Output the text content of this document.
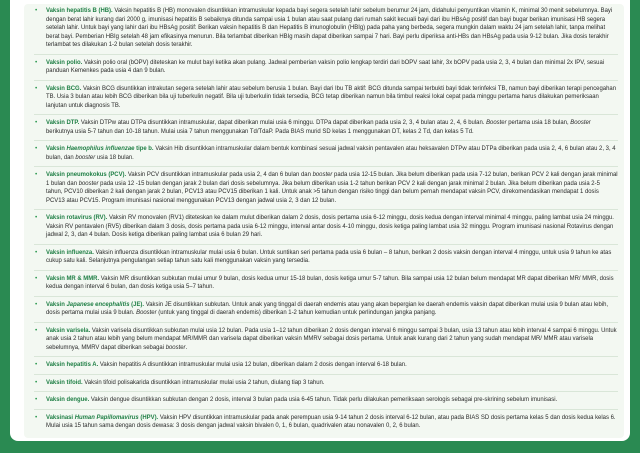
• Vaksin hepatitis B (HB). Vaksin hepatitis B (HB) monovalen disuntikkan intramuskular kepada bayi segera setelah lahir sebelum berumur 24 jam, didahului penyuntikan vitamin K, minimal 30 menit sebelumnya. Bayi dengan berat lahir kurang dari 2000 g, imunisasi hepatitis B sebaiknya ditunda sampai usia 1 bulan atau saat pulang dari rumah sakit kecuali bayi dari ibu HBsAg positif dan bayi bugar berikan imunisasi HB segera setelah lahir. Untuk bayi yang lahir dari ibu HBsAg positif: Berikan vaksin hepatitis B dan Hepatitis B imunoglobulin (HBIg) pada paha yang berbeda, segera mungkin dalam waktu 24 jam setelah lahir, tanpa melihat berat bayi. Pemberian HBIg setelah 48 jam efikasinya menurun. Bila terlambat diberikan HBIg masih dapat diberikan sampai 7 hari. Bayi perlu diperiksa anti-HBs dan HBsAg pada usia 9-12 bulan. Jika dosis terakhir terlambat tes dilakukan 1-2 bulan setelah dosis terakhir.
• Vaksin polio. Vaksin polio oral (bOPV) diteteskan ke mulut bayi ketika akan pulang. Jadwal pemberian vaksin polio lengkap terdiri dari bOPV saat lahir, 3x bOPV pada usia 2, 3, 4 bulan dan minimal 2x IPV, sesuai panduan Kemenkes pada usia 4 dan 9 bulan.
• Vaksin BCG. Vaksin BCG disuntikkan intrakutan segera setelah lahir atau sebelum berusia 1 bulan. Bayi dari Ibu TB aktif: BCG ditunda sampai terbukti bayi tidak terinfeksi TB, namun bayi diberikan terapi pencegahan TB. Usia 3 bulan atau lebih BCG diberikan bila uji tuberkulin negatif. Bila uji tuberkulin tidak tersedia, BCG tetap diberikan namun bila timbul reaksi lokal cepat pada minggu pertama harus dilakukan pemeriksaan lanjutan untuk diagnosis TB.
• Vaksin DTP. Vaksin DTPw atau DTPa disuntikkan intramuskular, dapat diberikan mulai usia 6 minggu. DTPa dapat diberikan pada usia 2, 3, 4 bulan atau 2, 4, 6 bulan. Booster pertama usia 18 bulan, Booster berikutnya usia 5-7 tahun dan 10-18 tahun. Mulai usia 7 tahun menggunakan Td/TdaP. Pada BIAS murid SD kelas 1 menggunakan DT, kelas 2 Td, dan kelas 5 Td.
• Vaksin Haemophilus influenzae tipe b. Vaksin Hib disuntikkan intramuskular dalam bentuk kombinasi sesuai jadwal vaksin pentavalen atau heksavalen DTPw atau DTPa diberikan pada usia 2, 4, 6 bulan atau 2, 3, 4 bulan, dan booster usia 18 bulan.
• Vaksin pneumokokus (PCV). Vaksin PCV disuntikkan intramuskular pada usia 2, 4 dan 6 bulan dan booster pada usia 12-15 bulan. Jika belum diberikan pada usia 7-12 bulan, berikan PCV 2 kali dengan jarak minimal 1 bulan dan booster pada usia 12 -15 bulan dengan jarak 2 bulan dari dosis sebelumnya. Jika belum diberikan usia 1-2 tahun berikan PCV 2 kali dengan jarak minimal 2 bulan. Jika belum diberikan pada usia 2-5 tahun, PCV10 diberikan 2 kali dengan jarak 2 bulan, PCV13 atau PCV15 diberikan 1 kali. Untuk anak >5 tahun dengan risiko tinggi dan belum pernah mendapat vaksin PCV, direkomendasikan mendapat 1 dosis PCV13 atau PCV15. Program imunisasi nasional menggunakan PCV13 dengan jadwal usia 2, 3 dan 12 bulan.
• Vaksin rotavirus (RV). Vaksin RV monovalen (RV1) diteteskan ke dalam mulut diberikan dalam 2 dosis, dosis pertama usia 6-12 minggu, dosis kedua dengan interval minimal 4 minggu, paling lambat usia 24 minggu. Vaksin RV pentavalen (RV5) diberikan dalam 3 dosis, dosis pertama pada usia 6-12 minggu, interval antar dosis 4-10 minggu, dosis ketiga paling lambat usia 32 minggu. Program imunisasi nasional Rotavirus dengan jadwal 2, 3, dan 4 bulan. Dosis ketiga diberikan paling lambat usia 6 bulan 29 hari.
• Vaksin influenza. Vaksin influenza disuntikkan intramuskular mulai usia 6 bulan. Untuk suntikan seri pertama pada usia 6 bulan – 8 tahun, berikan 2 dosis vaksin dengan interval 4 minggu, untuk usia 9 tahun ke atas cukup satu kali. Selanjutnya pengulangan setiap tahun satu kali menggunakan vaksin yang tersedia.
• Vaksin MR & MMR. Vaksin MR disuntikkan subkutan mulai umur 9 bulan, dosis kedua umur 15-18 bulan, dosis ketiga umur 5-7 tahun. Bila sampai usia 12 bulan belum mendapat MR dapat diberikan MR/ MMR, dosis kedua dengan interval 6 bulan, dan dosis ketiga usia 5–7 tahun.
• Vaksin Japanese encephalitis (JE). Vaksin JE disuntikkan subkutan. Untuk anak yang tinggal di daerah endemis atau yang akan bepergian ke daerah endemis vaksin dapat diberikan mulai usia 9 bulan atau lebih, dosis pertama mulai usia 9 bulan. Booster (untuk yang tinggal di daerah endemis) diberikan 1-2 tahun kemudian untuk perlindungan jangka panjang.
• Vaksin varisela. Vaksin varisela disuntikkan subkutan mulai usia 12 bulan. Pada usia 1–12 tahun diberikan 2 dosis dengan interval 6 minggu sampai 3 bulan, usia 13 tahun atau lebih interval 4 sampai 6 minggu. Untuk anak usia 2 tahun atau lebih yang belum mendapat MR/MMR dan varisela dapat diberikan vaksin MMRV sebagai dosis pertama. Untuk anak kurang dari 2 tahun yang sudah mendapat MR/ MMR atau varisela sebelumnya, MMRV dapat diberikan sebagai booster.
• Vaksin hepatitis A. Vaksin hepatitis A disuntikkan intramuskular mulai usia 12 bulan, diberikan dalam 2 dosis dengan interval 6-18 bulan.
• Vaksin tifoid. Vaksin tifoid polisakarida disuntikkan intramuskular mulai usia 2 tahun, diulang tiap 3 tahun.
• Vaksin dengue. Vaksin dengue disuntikkan subkutan dengan 2 dosis, interval 3 bulan pada usia 6-45 tahun. Tidak perlu dilakukan pemeriksaan serologis sebagai pre-skrining sebelum imunisasi.
• Vaksinasi Human Papillomavirus (HPV). Vaksin HPV disuntikkan intramuskular pada anak perempuan usia 9-14 tahun 2 dosis interval 6-12 bulan, atau pada BIAS SD dosis pertama kelas 5 dan dosis kedua kelas 6. Mulai usia 15 tahun sama dengan dosis dewasa: 3 dosis dengan jadwal vaksin bivalen 0, 1, 6 bulan, quadrivalen atau nonavalen 0, 2, 6 bulan.
